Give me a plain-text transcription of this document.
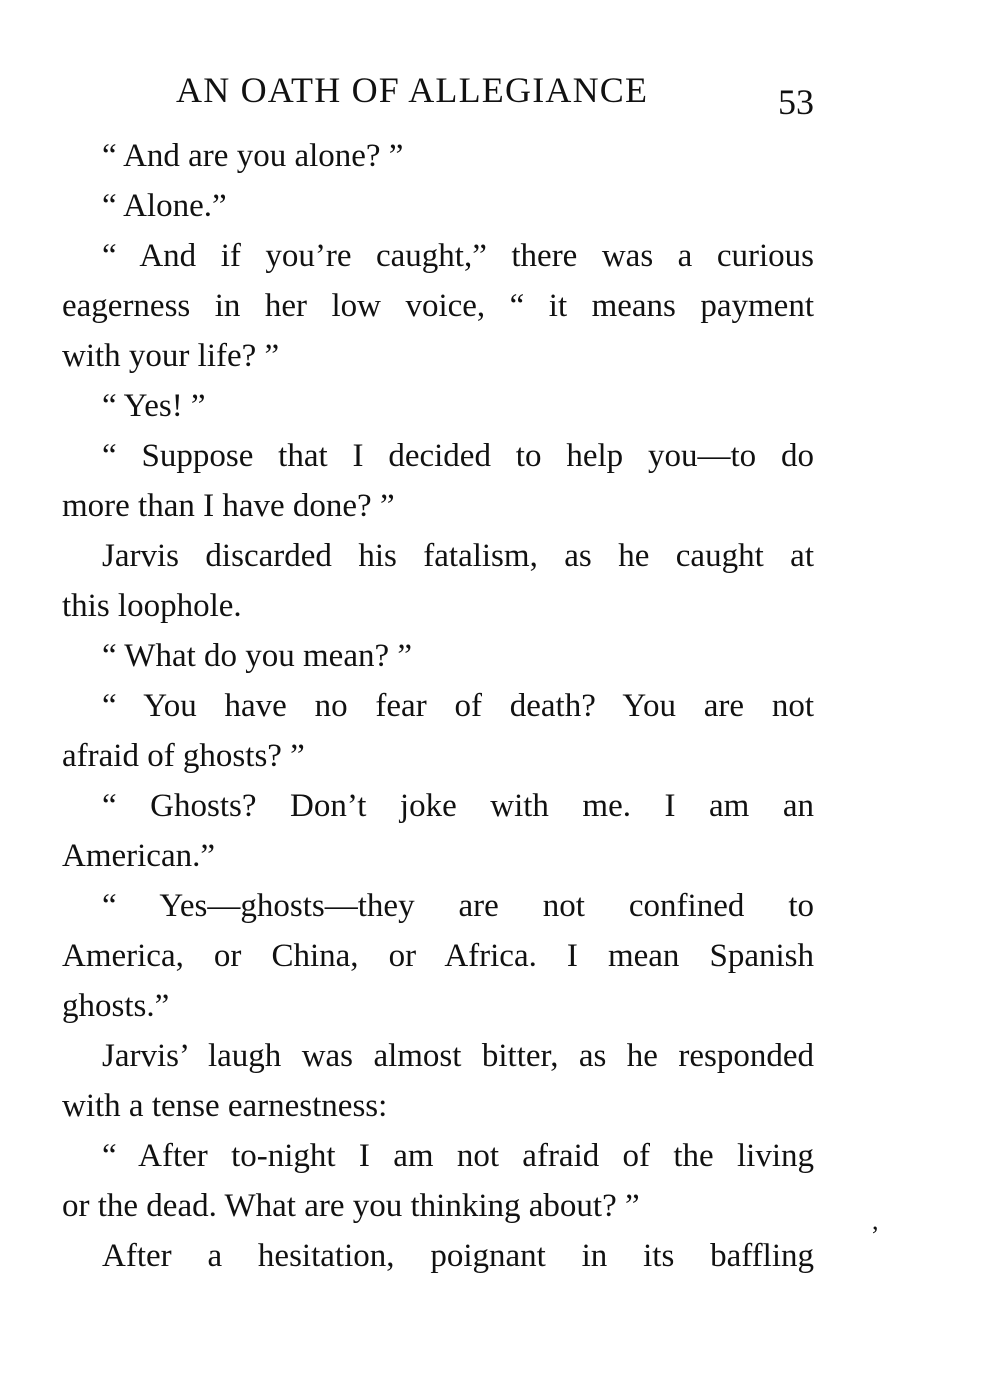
AN OATH OF ALLEGIANCE	53
“ And are you alone? ”
“ Alone.”
“ And if you’re caught,” there was a curious
eagerness in her low voice, “ it means payment
with your life? ”
“ Yes! ”
“ Suppose that I decided to help you—to do
more than I have done? ”
Jarvis discarded his fatalism, as he caught at
this loophole.
“ What do you mean? ”
“ You have no fear of death? You are not
afraid of ghosts? ”
“ Ghosts? Don’t joke with me. I am an
American.”
“ Yes—ghosts—they are not confined to
America, or China, or Africa. I mean Spanish
ghosts.”
Jarvis’ laugh was almost bitter, as he responded
with a tense earnestness:
“ After to-night I am not afraid of the living
or the dead. What are you thinking about? ”
After a hesitation, poignant in its baffling
,
